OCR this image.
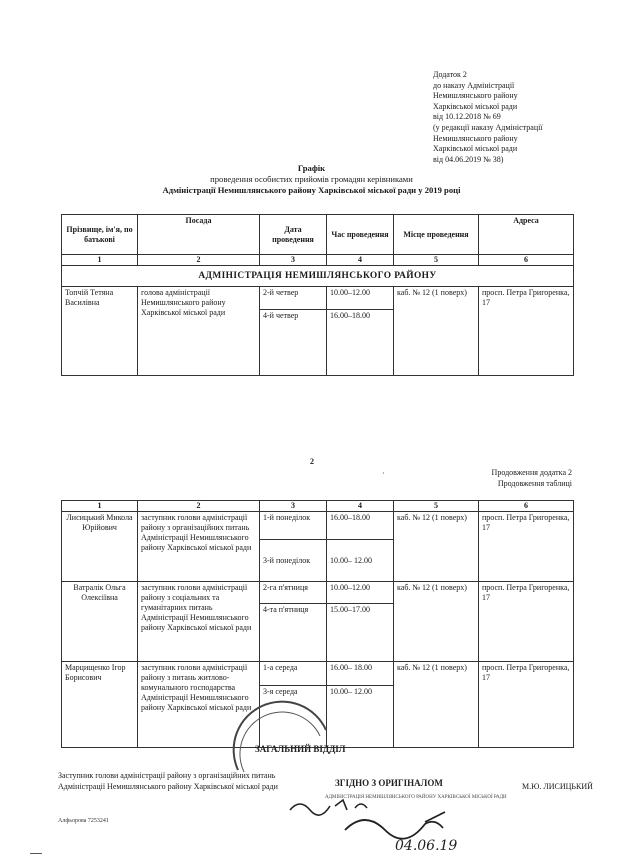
Додаток 2
до наказу Адміністрації
Немишлянського району
Харківської міської ради
від 10.12.2018 № 69
(у редакції наказу Адміністрації
Немишлянського району
Харківської міської ради
від 04.06.2019 № 38)
Графік
проведення особистих прийомів громадян керівниками
Адміністрації Немишлянського району Харківської міської ради у 2019 році
Прізвище, ім'я, по батькові	Посада	Дата проведення	Час проведення	Місце проведення	Адреса
1	2	3	4	5	6
АДМІНІСТРАЦІЯ НЕМИШЛЯНСЬКОГО РАЙОНУ					
Топчій Тетяна Василівна	голова адміністрації Немишлянського району Харківської міської ради	2-й четвер	10.00–12.00	каб. № 12 (1 поверх)	просп. Петра Григоренка, 17
		4-й четвер	16.00–18.00		
2
·	Продовження додатка 2
Продовження таблиці
1	2	3	4	5	6
Лисицький Микола Юрійович	заступник голови адміністрації району з організаційних питань Адміністрації Немишлянського району Харківської міської ради	1-й понеділок	16.00–18.00	каб. № 12 (1 поверх)	просп. Петра Григоренка, 17
		3-й понеділок	10.00– 12.00		
Ватралік Ольга Олексіївна	заступник голови адміністрації району з соціальних та гуманітарних питань Адміністрації Немишлянського району Харківської міської ради	2-га п'ятниця	10.00–12.00	каб. № 12 (1 поверх)	просп. Петра Григоренка, 17
		4-та п'ятниця	15.00–17.00		
Марцищенко Ігор Борисович	заступник голови адміністрації району з питань житлово-комунального господарства Адміністрації Немишлянського району Харківської міської ради	1-а середа	16.00– 18.00	каб. № 12 (1 поверх)	просп. Петра Григоренка, 17
		3-я середа	10.00– 12.00		
ЗАГАЛЬНИЙ ВІДДІЛ
Заступник голови адміністрації району з організаційних питань
Адміністрації Немишлянського району Харківської міської ради	М.Ю. ЛИСИЦЬКИЙ
ЗГІДНО З ОРИГІНАЛОМ
АДМІНІСТРАЦІЯ НЕМИШЛЯНСЬКОГО РАЙОНУ ХАРКІВСЬКОЇ МІСЬКОЇ РАДИ
04.06.19
Алфьорова 7253241
